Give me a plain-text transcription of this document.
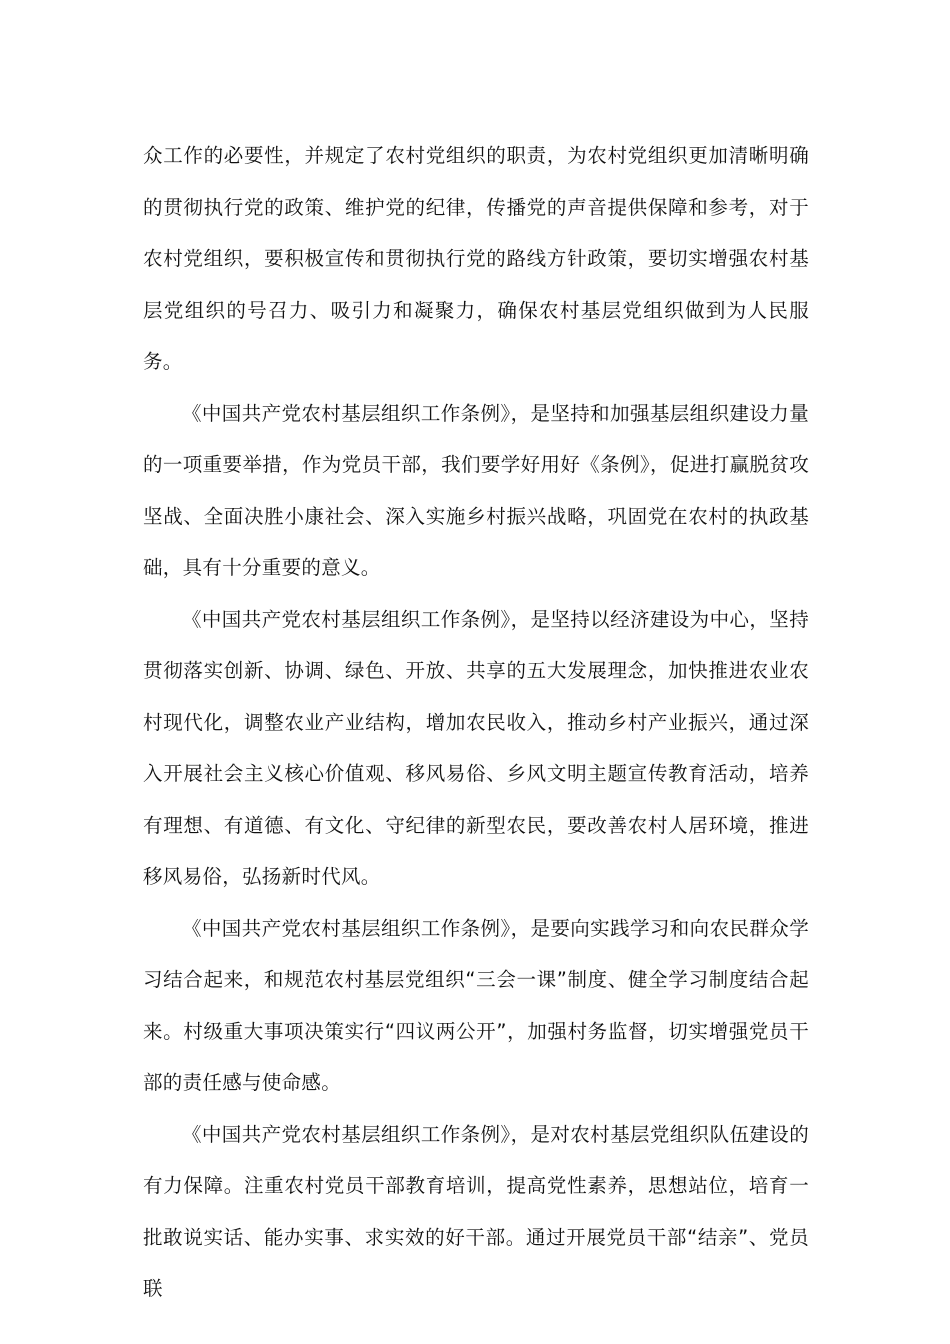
众工作的必要性，并规定了农村党组织的职责，为农村党组织更加清晰明确的贯彻执行党的政策、维护党的纪律，传播党的声音提供保障和参考，对于农村党组织，要积极宣传和贯彻执行党的路线方针政策，要切实增强农村基层党组织的号召力、吸引力和凝聚力，确保农村基层党组织做到为人民服务。

《中国共产党农村基层组织工作条例》，是坚持和加强基层组织建设力量的一项重要举措，作为党员干部，我们要学好用好《条例》，促进打赢脱贫攻坚战、全面决胜小康社会、深入实施乡村振兴战略，巩固党在农村的执政基础，具有十分重要的意义。

《中国共产党农村基层组织工作条例》，是坚持以经济建设为中心，坚持贯彻落实创新、协调、绿色、开放、共享的五大发展理念，加快推进农业农村现代化，调整农业产业结构，增加农民收入，推动乡村产业振兴，通过深入开展社会主义核心价值观、移风易俗、乡风文明主题宣传教育活动，培养有理想、有道德、有文化、守纪律的新型农民，要改善农村人居环境，推进移风易俗，弘扬新时代风。

《中国共产党农村基层组织工作条例》，是要向实践学习和向农民群众学习结合起来，和规范农村基层党组织“三会一课”制度、健全学习制度结合起来。村级重大事项决策实行“四议两公开”，加强村务监督，切实增强党员干部的责任感与使命感。

《中国共产党农村基层组织工作条例》，是对农村基层党组织队伍建设的有力保障。注重农村党员干部教育培训，提高党性素养，思想站位，培育一批敢说实话、能办实事、求实效的好干部。通过开展党员干部“结亲”、党员联
